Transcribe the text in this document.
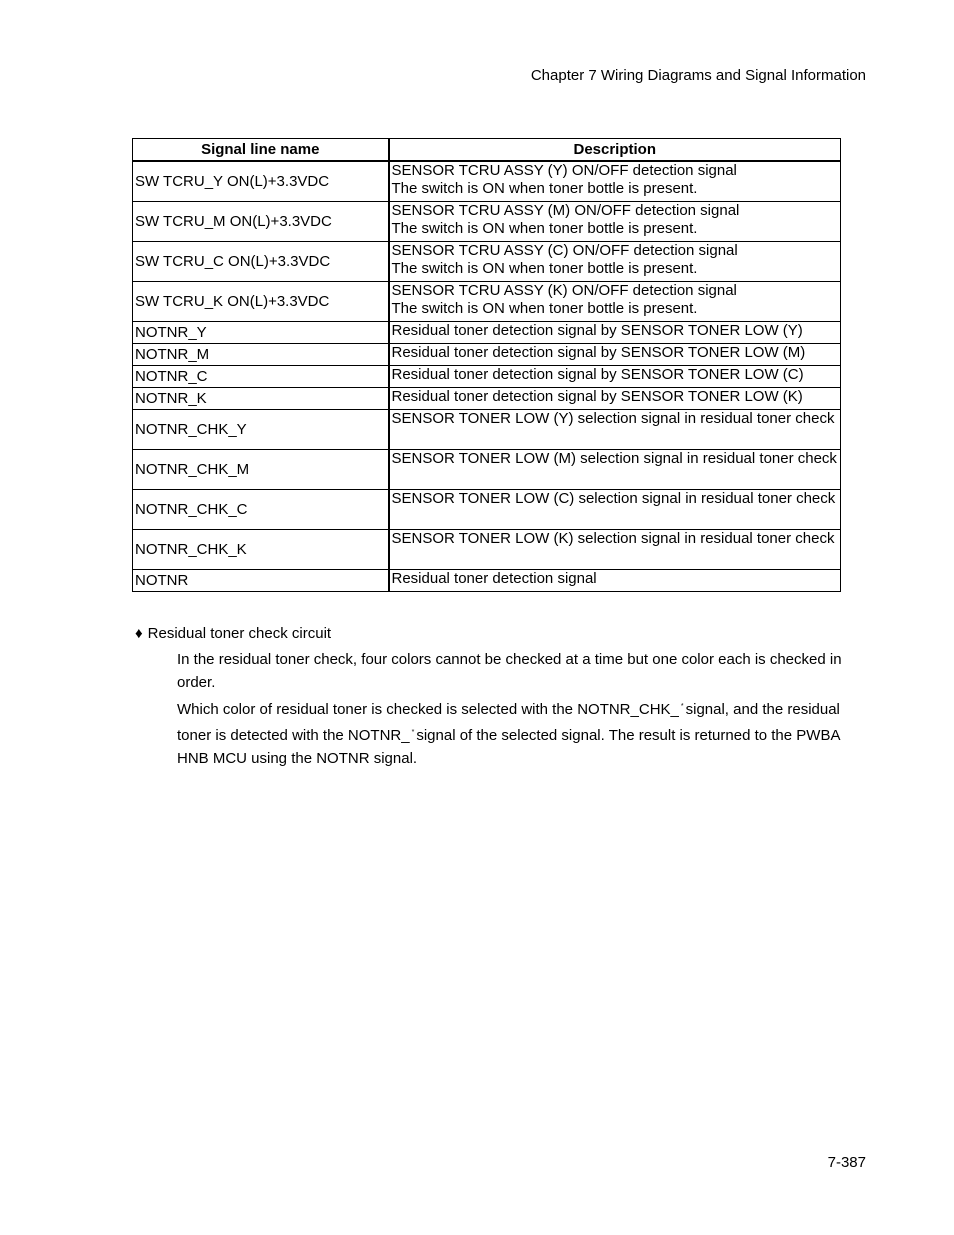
Chapter 7 Wiring Diagrams and Signal Information
Signal line name	Description
SW TCRU_Y ON(L)+3.3VDC	SENSOR TCRU ASSY (Y) ON/OFF detection signal
The switch is ON when toner bottle is present.

SW TCRU_M ON(L)+3.3VDC	SENSOR TCRU ASSY (M) ON/OFF detection signal
The switch is ON when toner bottle is present.

SW TCRU_C ON(L)+3.3VDC	SENSOR TCRU ASSY (C) ON/OFF detection signal
The switch is ON when toner bottle is present.

SW TCRU_K ON(L)+3.3VDC	SENSOR TCRU ASSY (K) ON/OFF detection signal
The switch is ON when toner bottle is present.

NOTNR_Y	Residual toner detection signal by SENSOR TONER LOW (Y)

NOTNR_M	Residual toner detection signal by SENSOR TONER LOW (M)

NOTNR_C	Residual toner detection signal by SENSOR TONER LOW (C)

NOTNR_K	Residual toner detection signal by SENSOR TONER LOW (K)

NOTNR_CHK_Y	SENSOR TONER LOW (Y) selection signal in residual toner check

NOTNR_CHK_M	SENSOR TONER LOW (M) selection signal in residual toner check

NOTNR_CHK_C	SENSOR TONER LOW (C) selection signal in residual toner check

NOTNR_CHK_K	SENSOR TONER LOW (K) selection signal in residual toner check

NOTNR	Residual toner detection signal
♦ Residual toner check circuit

In the residual toner check, four colors cannot be checked at a time but one color each is checked in order.

Which color of residual toner is checked is selected with the NOTNR_CHK_ * signal, and the residual toner is detected with the NOTNR_ * signal of the selected signal. The result is returned to the PWBA HNB MCU using the NOTNR signal.

7-387
